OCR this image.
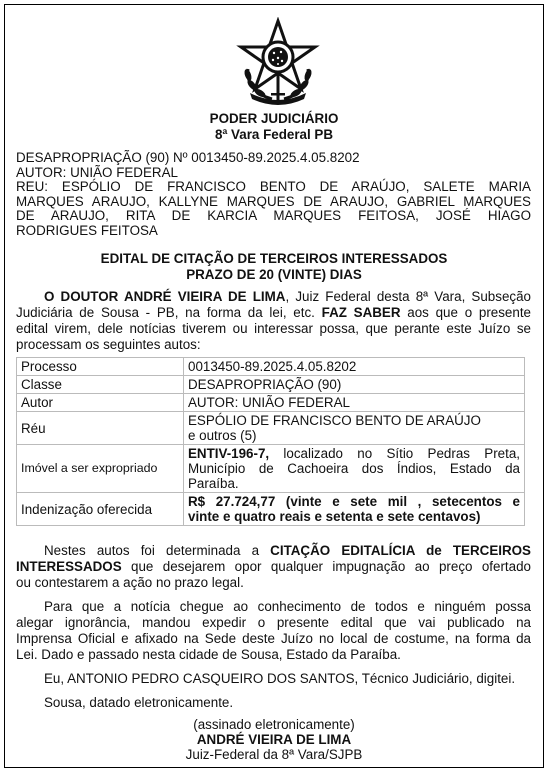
PODER JUDICIÁRIO
8ª Vara Federal PB
DESAPROPRIAÇÃO (90) Nº 0013450-89.2025.4.05.8202
AUTOR: UNIÃO FEDERAL
REU: ESPÓLIO DE FRANCISCO BENTO DE ARAÚJO, SALETE MARIA
MARQUES ARAUJO, KALLYNE MARQUES DE ARAUJO, GABRIEL MARQUES
DE ARAUJO, RITA DE KARCIA MARQUES FEITOSA, JOSÉ HIAGO
RODRIGUES FEITOSA
EDITAL DE CITAÇÃO DE TERCEIROS INTERESSADOS
PRAZO DE 20 (VINTE) DIAS
O DOUTOR ANDRÉ VIEIRA DE LIMA, Juiz Federal desta 8ª Vara, Subseção
Judiciária de Sousa - PB, na forma da lei, etc. FAZ SABER aos que o presente
edital virem, dele notícias tiverem ou interessar possa, que perante este Juízo se
processam os seguintes autos:
Processo	0013450-89.2025.4.05.8202
Classe	DESAPROPRIAÇÃO (90)
Autor	AUTOR: UNIÃO FEDERAL
Réu	ESPÓLIO DE FRANCISCO BENTO DE ARAÚJO
e outros (5)

Imóvel a ser expropriado	ENTIV-196-7, localizado no Sítio Pedras Preta,
Município de Cachoeira dos Índios, Estado da
Paraíba.

Indenização oferecida	R$ 27.724,77 (vinte e sete mil , setecentos e
vinte e quatro reais e setenta e sete centavos)
Nestes autos foi determinada a CITAÇÃO EDITALÍCIA de TERCEIROS
INTERESSADOS que desejarem opor qualquer impugnação ao preço ofertado
ou contestarem a ação no prazo legal.
Para que a notícia chegue ao conhecimento de todos e ninguém possa
alegar ignorância, mandou expedir o presente edital que vai publicado na
Imprensa Oficial e afixado na Sede deste Juízo no local de costume, na forma da
Lei. Dado e passado nesta cidade de Sousa, Estado da Paraíba.
Eu, ANTONIO PEDRO CASQUEIRO DOS SANTOS, Técnico Judiciário, digitei.
Sousa, datado eletronicamente.
(assinado eletronicamente)
ANDRÉ VIEIRA DE LIMA
Juiz-Federal da 8ª Vara/SJPB
